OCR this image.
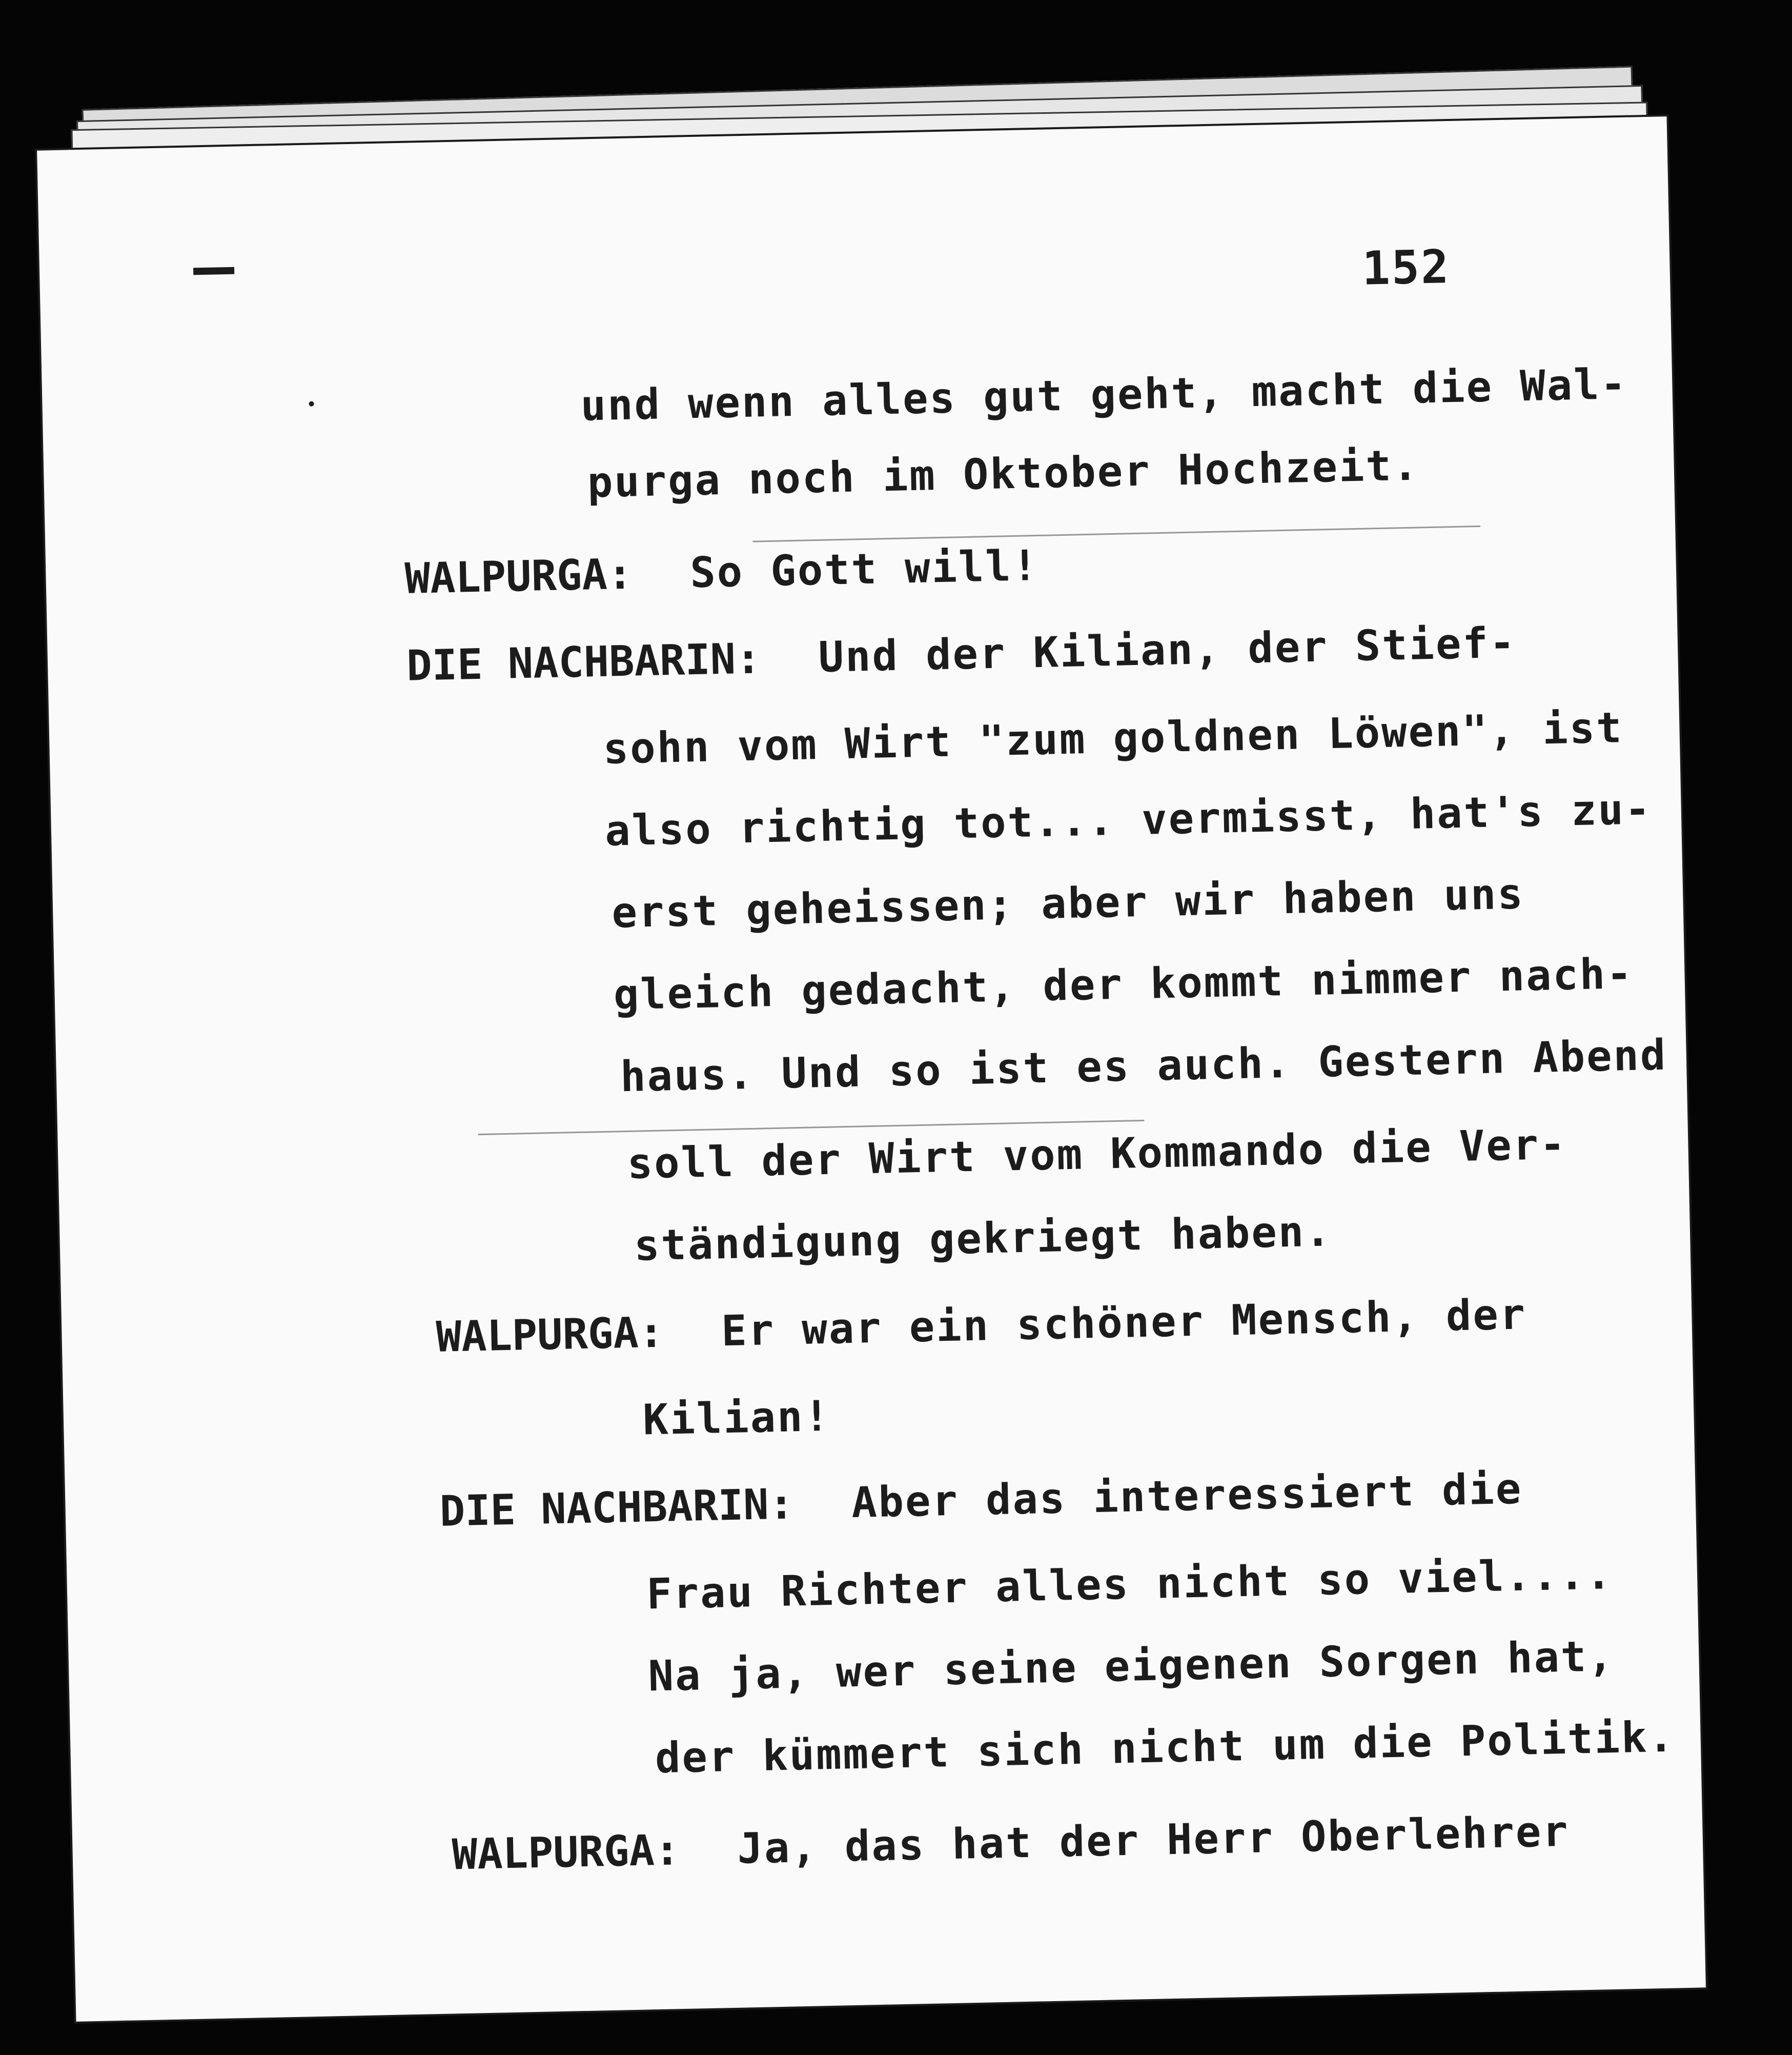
152
und wenn alles gut geht, macht die Wal-
purga noch im Oktober Hochzeit.
WALPURGA: So Gott will!
DIE NACHBARIN: Und der Kilian, der Stief-
sohn vom Wirt "zum goldnen Löwen", ist
also richtig tot... vermisst, hat's zu-
erst geheissen; aber wir haben uns
gleich gedacht, der kommt nimmer nach-
haus. Und so ist es auch. Gestern Abend
soll der Wirt vom Kommando die Ver-
ständigung gekriegt haben.
WALPURGA: Er war ein schöner Mensch, der
Kilian!
DIE NACHBARIN: Aber das interessiert die
Frau Richter alles nicht so viel....
Na ja, wer seine eigenen Sorgen hat,
der kümmert sich nicht um die Politik.
WALPURGA: Ja, das hat der Herr Oberlehrer
